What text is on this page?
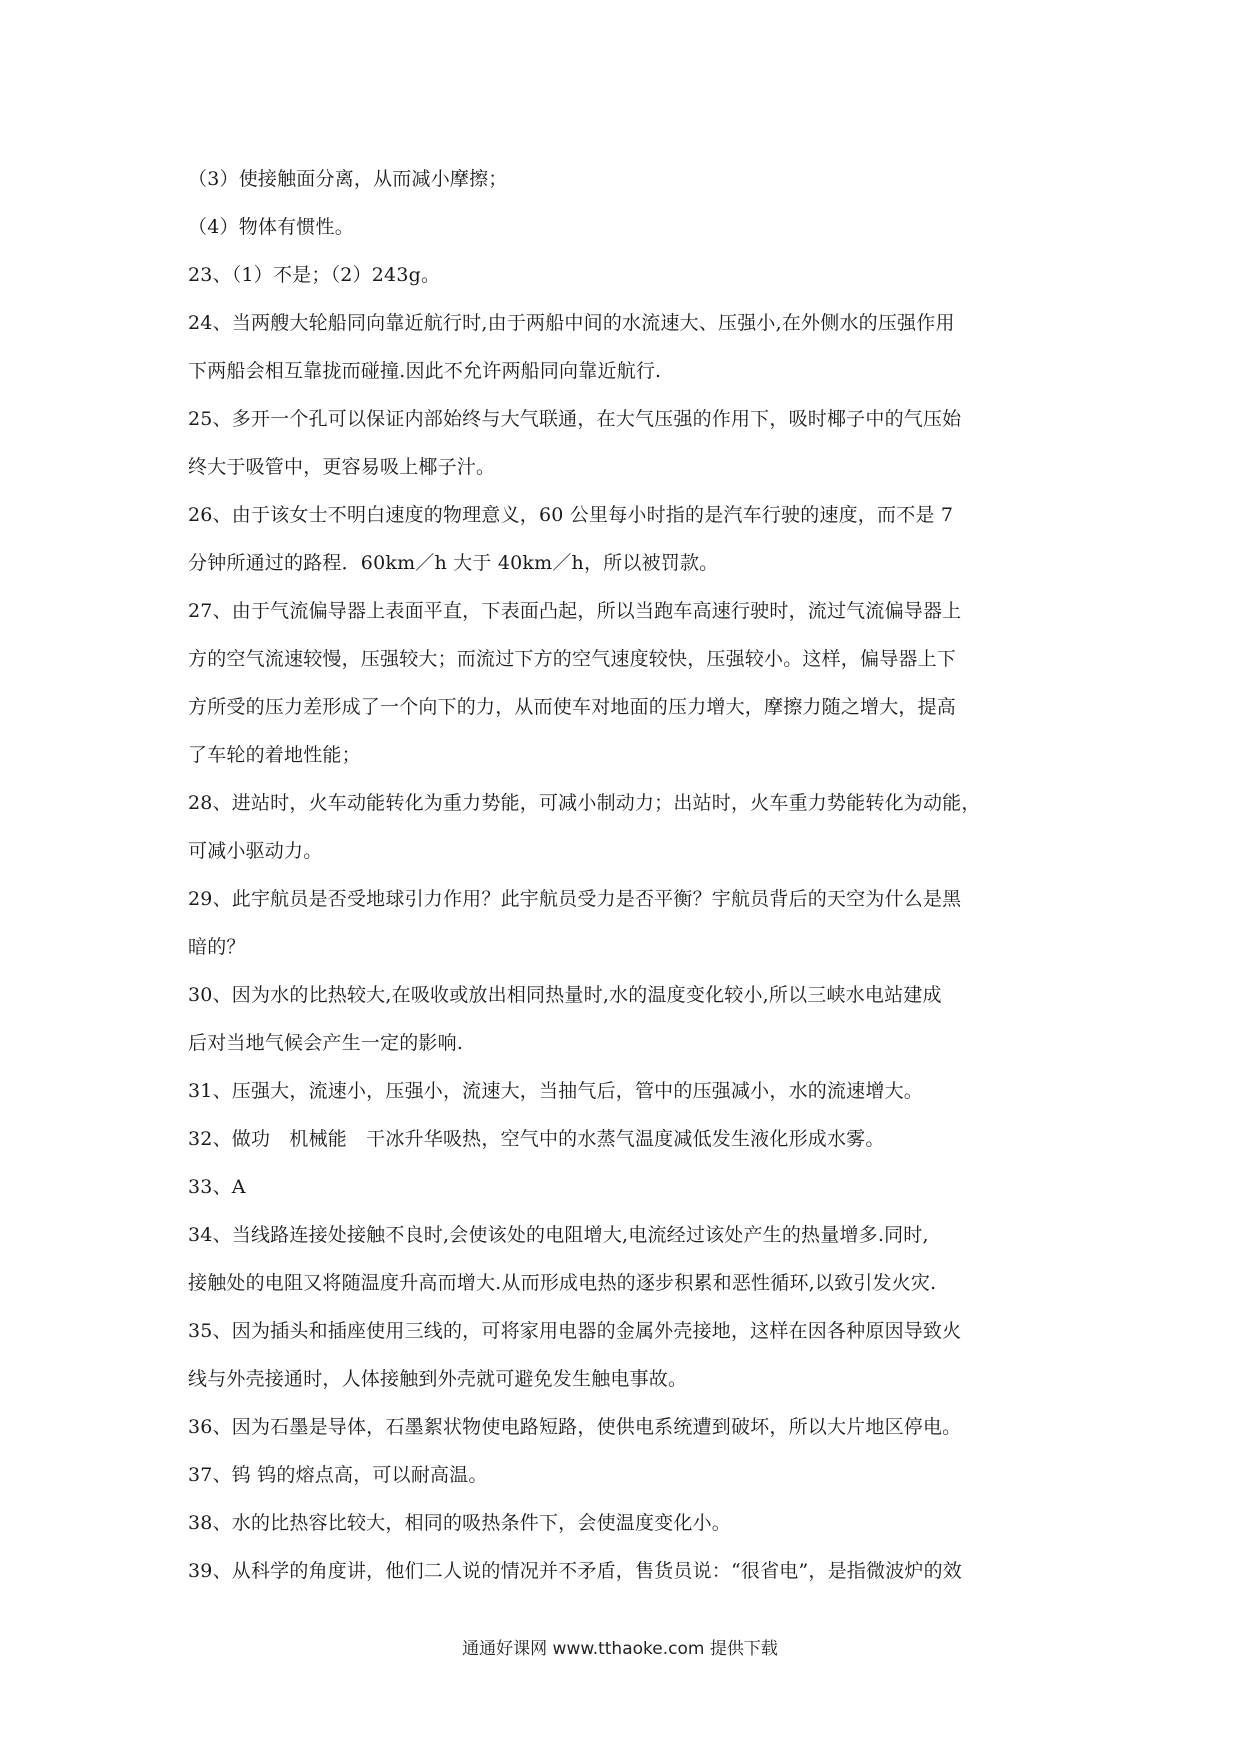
（3）使接触面分离，从而减小摩擦；
（4）物体有惯性。
23、（1）不是；（2）243g。
24、当两艘大轮船同向靠近航行时,由于两船中间的水流速大、压强小,在外侧水的压强作用
下两船会相互靠拢而碰撞.因此不允许两船同向靠近航行.
25、多开一个孔可以保证内部始终与大气联通，在大气压强的作用下，吸时椰子中的气压始
终大于吸管中，更容易吸上椰子汁。
26、由于该女士不明白速度的物理意义，60 公里每小时指的是汽车行驶的速度，而不是 7
分钟所通过的路程．60km／h 大于 40km／h，所以被罚款。
27、由于气流偏导器上表面平直，下表面凸起，所以当跑车高速行驶时，流过气流偏导器上
方的空气流速较慢，压强较大；而流过下方的空气速度较快，压强较小。这样，偏导器上下
方所受的压力差形成了一个向下的力，从而使车对地面的压力增大，摩擦力随之增大，提高
了车轮的着地性能；
28、进站时，火车动能转化为重力势能，可减小制动力；出站时，火车重力势能转化为动能，
可减小驱动力。
29、此宇航员是否受地球引力作用？此宇航员受力是否平衡？宇航员背后的天空为什么是黑
暗的？
30、因为水的比热较大,在吸收或放出相同热量时,水的温度变化较小,所以三峡水电站建成
后对当地气候会产生一定的影响.
31、压强大，流速小，压强小，流速大，当抽气后，管中的压强减小，水的流速增大。
32、做功　机械能　干冰升华吸热，空气中的水蒸气温度减低发生液化形成水雾。
33、A
34、当线路连接处接触不良时,会使该处的电阻增大,电流经过该处产生的热量增多.同时,
接触处的电阻又将随温度升高而增大.从而形成电热的逐步积累和恶性循环,以致引发火灾.
35、因为插头和插座使用三线的，可将家用电器的金属外壳接地，这样在因各种原因导致火
线与外壳接通时，人体接触到外壳就可避免发生触电事故。
36、因为石墨是导体，石墨絮状物使电路短路，使供电系统遭到破坏，所以大片地区停电。
37、钨 钨的熔点高，可以耐高温。
38、水的比热容比较大，相同的吸热条件下，会使温度变化小。
39、从科学的角度讲，他们二人说的情况并不矛盾，售货员说：“很省电”，是指微波炉的效
通通好课网 www.tthaoke.com 提供下载
